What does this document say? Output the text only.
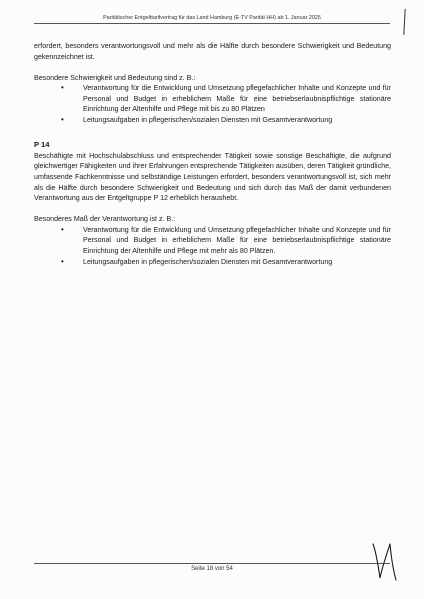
Paritätischer Entgelttarifvertrag für das Land Hamburg (E-TV Parität HH) ab 1. Januar 2025

erfordert, besonders verantwortungsvoll und mehr als die Hälfte durch besondere Schwierigkeit und Bedeutung gekennzeichnet ist.

Besondere Schwierigkeit und Bedeutung sind z. B.:

•	Verantwortung für die Entwicklung und Umsetzung pflegefachlicher Inhalte und Konzepte und für Personal und Budget in erheblichem Maße für eine betriebserlaubnispflichtige stationäre Einrichtung der Altenhilfe und Pflege mit bis zu 80 Plätzen
•	Leitungsaufgaben in pflegerischen/sozialen Diensten mit Gesamtverantwortung

P 14

Beschäftigte mit Hochschulabschluss und entsprechender Tätigkeit sowie sonstige Beschäftigte, die aufgrund gleichwertiger Fähigkeiten und ihrer Erfahrungen entsprechende Tätigkeiten ausüben, deren Tätigkeit gründliche, umfassende Fachkenntnisse und selbständige Leistungen erfordert, besonders verantwortungsvoll ist, sich mehr als die Hälfte durch besondere Schwierigkeit und Bedeutung und sich durch das Maß der damit verbundenen Verantwortung aus der Entgeltgruppe P 12 erheblich heraushebt.

Besonderes Maß der Verantwortung ist z. B.:

•	Verantwortung für die Entwicklung und Umsetzung pflegefachlicher Inhalte und Konzepte und für Personal und Budget in erheblichem Maße für eine betriebserlaubnispflichtige stationäre Einrichtung der Altenhilfe und Pflege mit mehr als 80 Plätzen.
•	Leitungsaufgaben in pflegerischen/sozialen Diensten mit Gesamtverantwortung
Seite 18 von 54
